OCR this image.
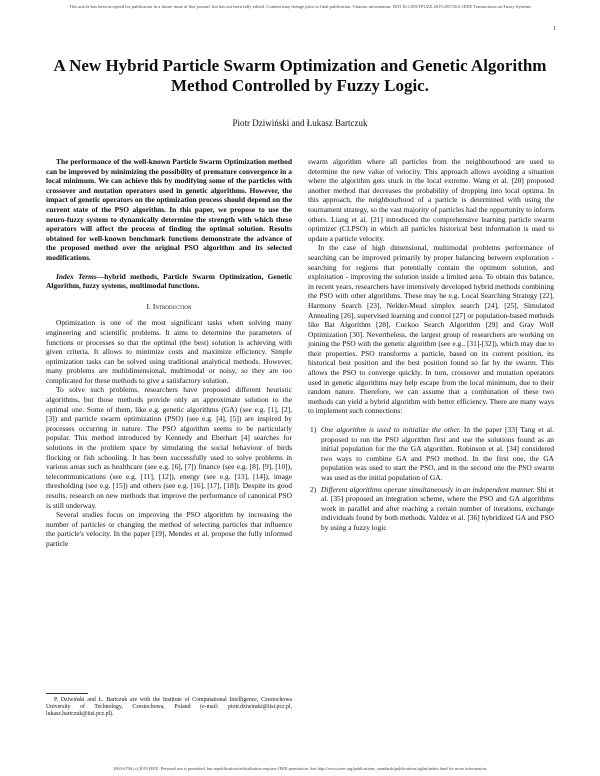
This article has been accepted for publication in a future issue of this journal, but has not been fully edited. Content may change prior to final publication. Citation information: DOI 10.1109/TFUZZ.2019.2957263, IEEE Transactions on Fuzzy Systems
1
A New Hybrid Particle Swarm Optimization and Genetic Algorithm Method Controlled by Fuzzy Logic.
Piotr Dziwiński and Łukasz Bartczuk

The performance of the well-known Particle Swarm Optimization method can be improved by minimizing the possibility of premature convergence in a local minimum. We can achieve this by modifying some of the particles with crossover and mutation operators used in genetic algorithms. However, the impact of genetic operators on the optimization process should depend on the current state of the PSO algorithm. In this paper, we propose to use the neuro-fuzzy system to dynamically determine the strength with which these operators will affect the process of finding the optimal solution. Results obtained for well-known benchmark functions demonstrate the advance of the proposed method over the original PSO algorithm and its selected modifications.

Index Terms—hybrid methods, Particle Swarm Optimization, Genetic Algorithm, fuzzy systems, multimodal functions.

I. Introduction

Optimization is one of the most significant tasks when solving many engineering and scientific problems. It aims to determine the parameters of functions or processes so that the optimal (the best) solution is achieving with given criteria. It allows to minimize costs and maximize efficiency. Simple optimization tasks can be solved using traditional analytical methods. However, many problems are multidimensional, multimodal or noisy, so they are too complicated for these methods to give a satisfactory solution.

To solve such problems, researchers have proposed different heuristic algorithms, but those methods provide only an approximate solution to the optimal one. Some of them, like e.g. genetic algorithms (GA) (see e.g. [1], [2], [3]) and particle swarm optimization (PSO) (see e.g. [4], [5]) are inspired by processes occurring in nature. The PSO algorithm seems to be particularly popular. This method introduced by Kennedy and Eberhart [4] searches for solutions in the problem space by simulating the social behaviour of birds flocking or fish schooling. It has been successfully used to solve problems in various areas such as healthcare (see e.g. [6], [7]) finance (see e.g. [8], [9], [10]), telecommunications (see e.g. [11], [12]), energy (see e.g. [13], [14]), image thresholding (see e.g. [15]) and others (see e.g. [16], [17], [18]). Despite its good results, research on new methods that improve the performance of canonical PSO is still underway.

Several studies focus on improving the PSO algorithm by increasing the number of particles or changing the method of selecting particles that influence the particle's velocity. In the paper [19], Mendes et al. propose the fully informed particle

swarm algorithm where all particles from the neighbourhood are used to determine the new value of velocity. This approach allows avoiding a situation where the algorithm gets stuck in the local extreme. Wang et al. [20] proposed another method that decreases the probability of dropping into local optima. In this approach, the neighbourhood of a particle is determined with using the tournament strategy, so the vast majority of particles had the opportunity to inform others. Liang et al. [21] introduced the comprehensive learning particle swarm optimizer (CLPSO) in which all particles historical best information is used to update a particle velocity.

In the case of high dimensional, multimodal problems performance of searching can be improved primarily by proper balancing between exploration - searching for regions that potentially contain the optimum solution, and exploitation - improving the solution inside a limited area. To obtain this balance, in recent years, researchers have intensively developed hybrid methods combining the PSO with other algorithms. These may be e.g. Local Searching Strategy [22], Harmony Search [23], Nelder-Mead simplex search [24], [25], Simulated Annealing [26], supervised learning and control [27] or population-based methods like Bat Algorithm [28], Cuckoo Search Algorithm [29] and Gray Wolf Optimization [30]. Nevertheless, the largest group of researchers are working on joining the PSO with the genetic algorithm (see e.g., [31]-[32]), which may due to their properties. PSO transforms a particle, based on its current position, its historical best position and the best position found so far by the swarm. This allows the PSO to converge quickly. In turn, crossover and mutation operators used in genetic algorithms may help escape from the local minimum, due to their random nature. Therefore, we can assume that a combination of these two methods can yield a hybrid algorithm with better efficiency. There are many ways to implement such connections:

1) One algorithm is used to initialize the other. In the paper [33] Tang et al. proposed to run the PSO algorithm first and use the solutions found as an initial population for the the GA algorithm. Robinson et al. [34] considered two ways to combine GA and PSO method. In the first one, the GA population was used to start the PSO, and in the second one the PSO swarm was used as the initial population of GA.
2) Different algorithms operate simultaneously in an independent manner. Shi et al. [35] proposed an integration scheme, where the PSO and GA algorithms work in parallel and after reaching a certain number of iterations, exchange individuals found by both methods. Valdez et al. [36] hybridized GA and PSO by using a fuzzy logic
P. Dziwiński and Ł. Bartczuk are with the Institute of Computational Intelligence, Czestochowa University of Technology, Czestochowa, Poland (e-mail: piotr.dziwinski@iisi.pcz.pl, lukasz.bartczuk@iisi.pcz.pl).
1063-6706 (c) 2019 IEEE. Personal use is permitted, but republication/redistribution requires IEEE permission. See http://www.ieee.org/publications_standards/publications/rights/index.html for more information.
